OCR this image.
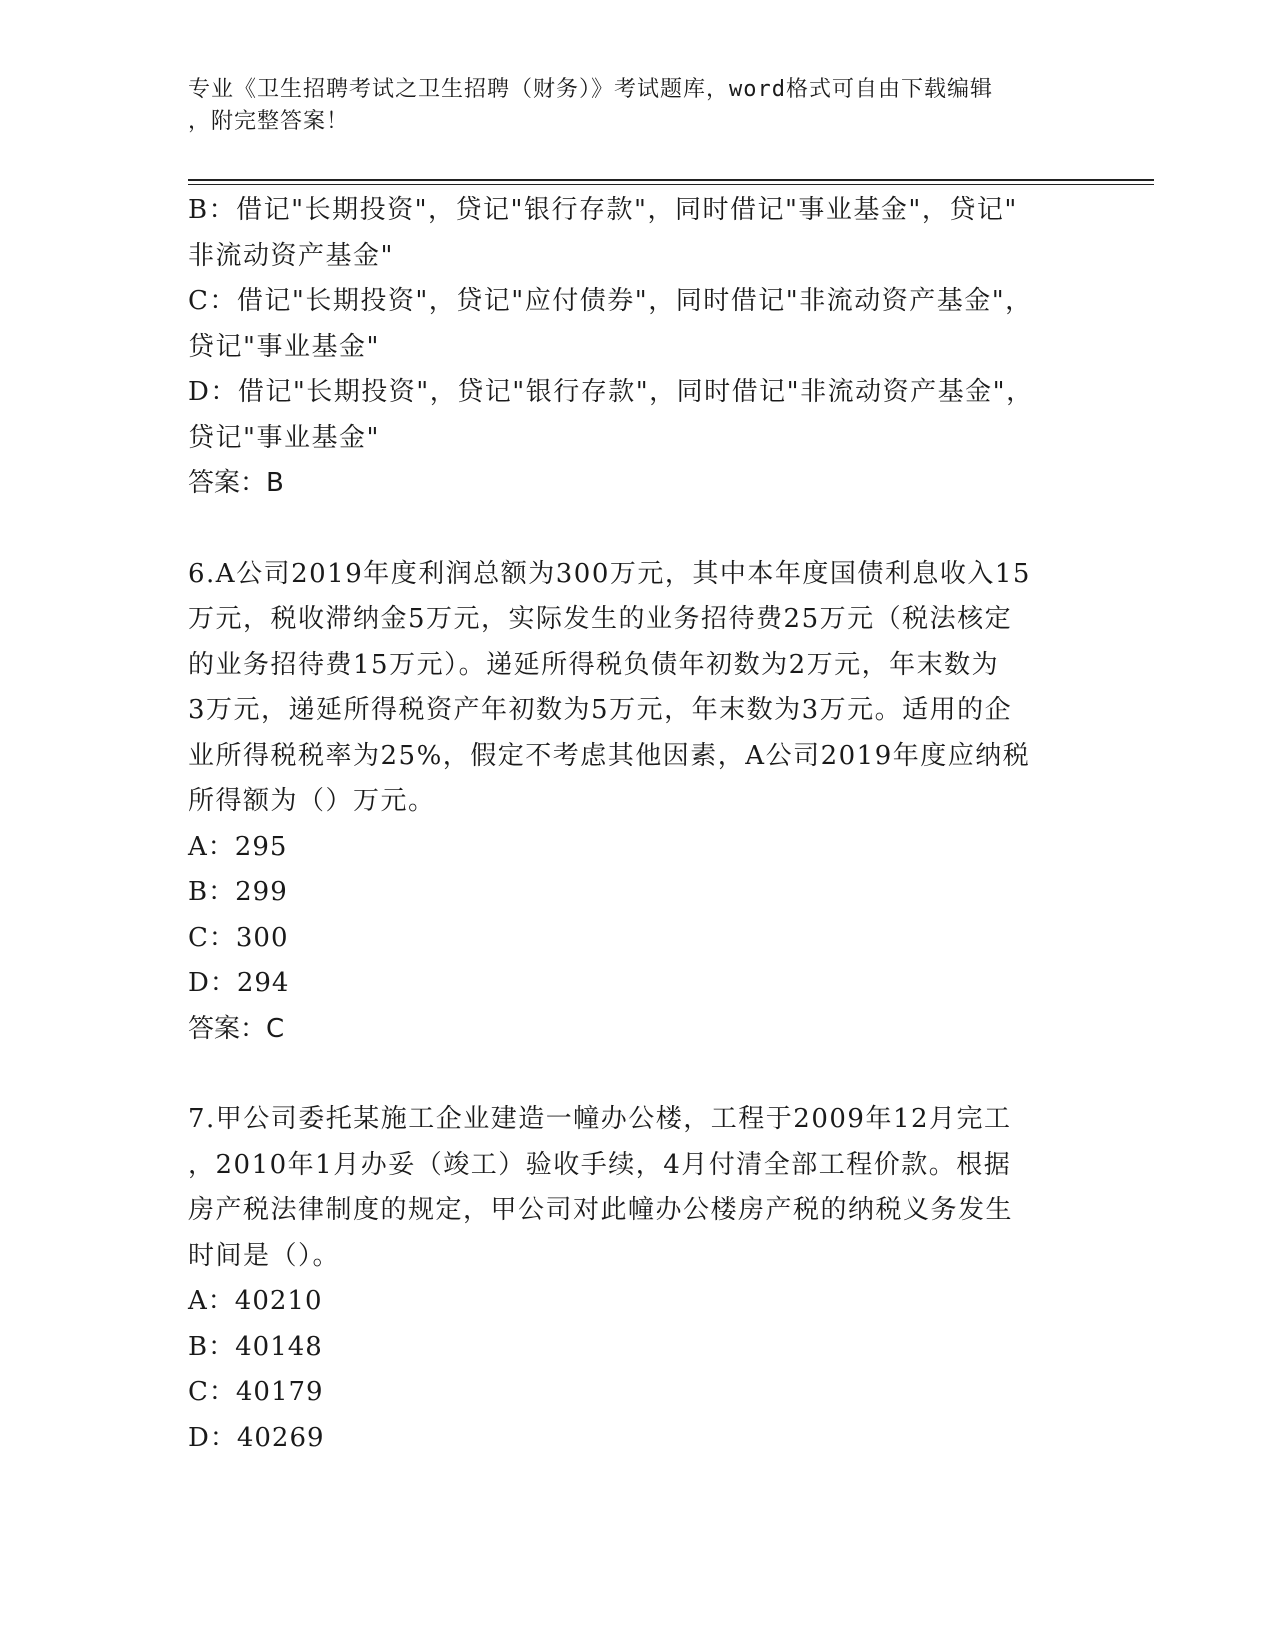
专业《卫生招聘考试之卫生招聘（财务）》考试题库，word格式可自由下载编辑
，附完整答案！
B：借记"长期投资"，贷记"银行存款"，同时借记"事业基金"，贷记"
非流动资产基金"
C：借记"长期投资"，贷记"应付债券"，同时借记"非流动资产基金"，
贷记"事业基金"
D：借记"长期投资"，贷记"银行存款"，同时借记"非流动资产基金"，
贷记"事业基金"
答案：B
6.A公司2019年度利润总额为300万元，其中本年度国债利息收入15
万元，税收滞纳金5万元，实际发生的业务招待费25万元（税法核定
的业务招待费15万元）。递延所得税负债年初数为2万元，年末数为
3万元，递延所得税资产年初数为5万元，年末数为3万元。适用的企
业所得税税率为25%，假定不考虑其他因素，A公司2019年度应纳税
所得额为（）万元。
A：295
B：299
C：300
D：294
答案：C
7.甲公司委托某施工企业建造一幢办公楼，工程于2009年12月完工
，2010年1月办妥（竣工）验收手续，4月付清全部工程价款。根据
房产税法律制度的规定，甲公司对此幢办公楼房产税的纳税义务发生
时间是（）。
A：40210
B：40148
C：40179
D：40269
